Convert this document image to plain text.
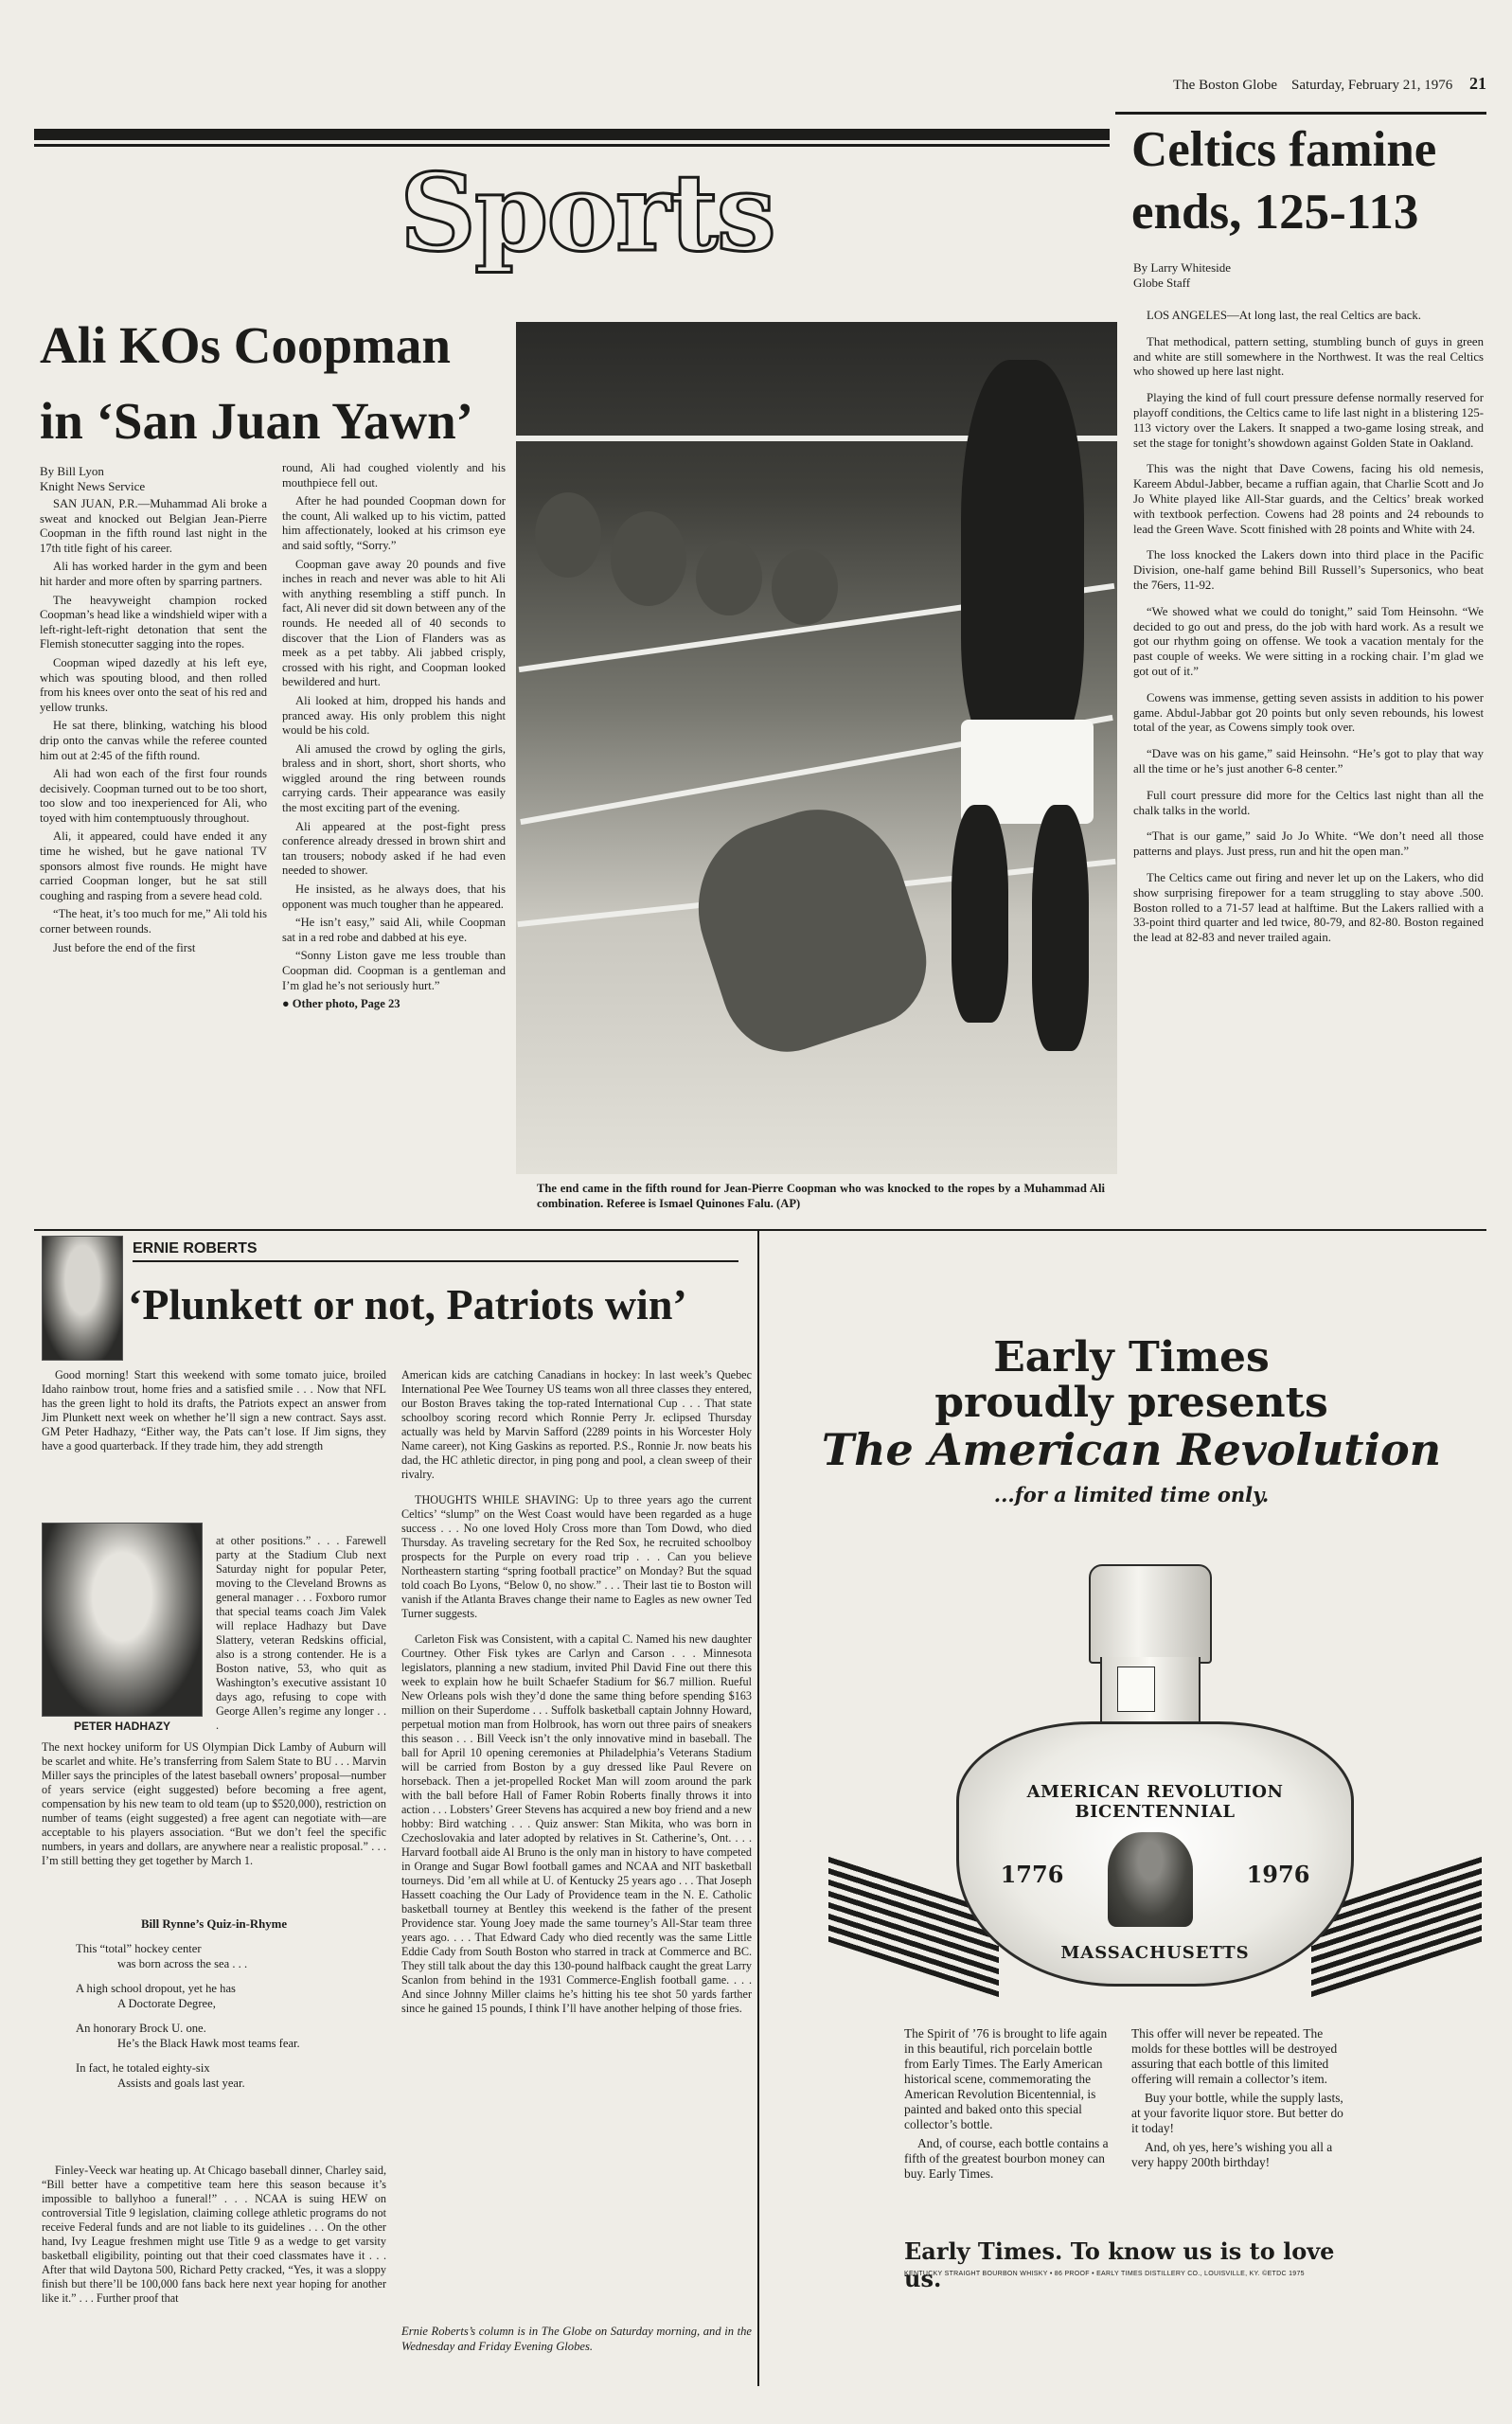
The Boston Globe Saturday, February 21, 1976 21
Sports
Ali KOs Coopman
in ‘San Juan Yawn’
By Bill Lyon
Knight News Service

SAN JUAN, P.R.—Muhammad Ali broke a sweat and knocked out Belgian Jean-Pierre Coopman in the fifth round last night in the 17th title fight of his career.

Ali has worked harder in the gym and been hit harder and more often by sparring partners.

The heavyweight champion rocked Coopman’s head like a windshield wiper with a left-right-left-right detonation that sent the Flemish stonecutter sagging into the ropes.

Coopman wiped dazedly at his left eye, which was spouting blood, and then rolled from his knees over onto the seat of his red and yellow trunks.

He sat there, blinking, watching his blood drip onto the canvas while the referee counted him out at 2:45 of the fifth round.

Ali had won each of the first four rounds decisively. Coopman turned out to be too short, too slow and too inexperienced for Ali, who toyed with him contemptuously throughout.

Ali, it appeared, could have ended it any time he wished, but he gave national TV sponsors almost five rounds. He might have carried Coopman longer, but he sat still coughing and rasping from a severe head cold.

“The heat, it’s too much for me,” Ali told his corner between rounds.

Just before the end of the first

round, Ali had coughed violently and his mouthpiece fell out.

After he had pounded Coopman down for the count, Ali walked up to his victim, patted him affectionately, looked at his crimson eye and said softly, “Sorry.”

Coopman gave away 20 pounds and five inches in reach and never was able to hit Ali with anything resembling a stiff punch. In fact, Ali never did sit down between any of the rounds. He needed all of 40 seconds to discover that the Lion of Flanders was as meek as a pet tabby. Ali jabbed crisply, crossed with his right, and Coopman looked bewildered and hurt.

Ali looked at him, dropped his hands and pranced away. His only problem this night would be his cold.

Ali amused the crowd by ogling the girls, braless and in short, short, short shorts, who wiggled around the ring between rounds carrying cards. Their appearance was easily the most exciting part of the evening.

Ali appeared at the post-fight press conference already dressed in brown shirt and tan trousers; nobody asked if he had even needed to shower.

He insisted, as he always does, that his opponent was much tougher than he appeared.

“He isn’t easy,” said Ali, while Coopman sat in a red robe and dabbed at his eye.

“Sonny Liston gave me less trouble than Coopman did. Coopman is a gentleman and I’m glad he’s not seriously hurt.”

● Other photo, Page 23

The end came in the fifth round for Jean-Pierre Coopman who was knocked to the ropes by a Muhammad Ali combination. Referee is Ismael Quinones Falu. (AP)
Celtics famine
ends, 125-113
By Larry Whiteside
Globe Staff

LOS ANGELES—At long last, the real Celtics are back.

That methodical, pattern setting, stumbling bunch of guys in green and white are still somewhere in the Northwest. It was the real Celtics who showed up here last night.

Playing the kind of full court pressure defense normally reserved for playoff conditions, the Celtics came to life last night in a blistering 125-113 victory over the Lakers. It snapped a two-game losing streak, and set the stage for tonight’s showdown against Golden State in Oakland.

This was the night that Dave Cowens, facing his old nemesis, Kareem Abdul-Jabber, became a ruffian again, that Charlie Scott and Jo Jo White played like All-Star guards, and the Celtics’ break worked with textbook perfection. Cowens had 28 points and 24 rebounds to lead the Green Wave. Scott finished with 28 points and White with 24.

The loss knocked the Lakers down into third place in the Pacific Division, one-half game behind Bill Russell’s Supersonics, who beat the 76ers, 11-92.

“We showed what we could do tonight,” said Tom Heinsohn. “We decided to go out and press, do the job with hard work. As a result we got our rhythm going on offense. We took a vacation mentaly for the past couple of weeks. We were sitting in a rocking chair. I’m glad we got out of it.”

Cowens was immense, getting seven assists in addition to his power game. Abdul-Jabbar got 20 points but only seven rebounds, his lowest total of the year, as Cowens simply took over.

“Dave was on his game,” said Heinsohn. “He’s got to play that way all the time or he’s just another 6-8 center.”

Full court pressure did more for the Celtics last night than all the chalk talks in the world.

“That is our game,” said Jo Jo White. “We don’t need all those patterns and plays. Just press, run and hit the open man.”

The Celtics came out firing and never let up on the Lakers, who did show surprising firepower for a team struggling to stay above .500. Boston rolled to a 71-57 lead at halftime. But the Lakers rallied with a 33-point third quarter and led twice, 80-79, and 82-80. Boston regained the lead at 82-83 and never trailed again.

ERNIE ROBERTS
‘Plunkett or not, Patriots win’

Good morning! Start this weekend with some tomato juice, broiled Idaho rainbow trout, home fries and a satisfied smile . . . Now that NFL has the green light to hold its drafts, the Patriots expect an answer from Jim Plunkett next week on whether he’ll sign a new contract. Says asst. GM Peter Hadhazy, “Either way, the Pats can’t lose. If Jim signs, they have a good quarterback. If they trade him, they add strength

PETER HADHAZY

at other positions.” . . . Farewell party at the Stadium Club next Saturday night for popular Peter, moving to the Cleveland Browns as general manager . . . Foxboro rumor that special teams coach Jim Valek will replace Hadhazy but Dave Slattery, veteran Redskins official, also is a strong contender. He is a Boston native, 53, who quit as Washington’s executive assistant 10 days ago, refusing to cope with George Allen’s regime any longer . . .

The next hockey uniform for US Olympian Dick Lamby of Auburn will be scarlet and white. He’s transferring from Salem State to BU . . . Marvin Miller says the principles of the latest baseball owners’ proposal—number of years service (eight suggested) before becoming a free agent, compensation by his new team to old team (up to $520,000), restriction on number of teams (eight suggested) a free agent can negotiate with—are acceptable to his players association. “But we don’t feel the specific numbers, in years and dollars, are anywhere near a realistic proposal.” . . . I’m still betting they get together by March 1.

Bill Rynne’s Quiz-in-Rhyme
This “total” hockey center
was born across the sea . . .
A high school dropout, yet he has
A Doctorate Degree,
An honorary Brock U. one.
He’s the Black Hawk most teams fear.
In fact, he totaled eighty-six
Assists and goals last year.

Finley-Veeck war heating up. At Chicago baseball dinner, Charley said, “Bill better have a competitive team here this season because it’s impossible to ballyhoo a funeral!” . . . NCAA is suing HEW on controversial Title 9 legislation, claiming college athletic programs do not receive Federal funds and are not liable to its guidelines . . . On the other hand, Ivy League freshmen might use Title 9 as a wedge to get varsity basketball eligibility, pointing out that their coed classmates have it . . . After that wild Daytona 500, Richard Petty cracked, “Yes, it was a sloppy finish but there’ll be 100,000 fans back here next year hoping for another like it.” . . . Further proof that

American kids are catching Canadians in hockey: In last week’s Quebec International Pee Wee Tourney US teams won all three classes they entered, our Boston Braves taking the top-rated International Cup . . . That state schoolboy scoring record which Ronnie Perry Jr. eclipsed Thursday actually was held by Marvin Safford (2289 points in his Worcester Holy Name career), not King Gaskins as reported. P.S., Ronnie Jr. now beats his dad, the HC athletic director, in ping pong and pool, a clean sweep of their rivalry.

THOUGHTS WHILE SHAVING: Up to three years ago the current Celtics’ “slump” on the West Coast would have been regarded as a huge success . . . No one loved Holy Cross more than Tom Dowd, who died Thursday. As traveling secretary for the Red Sox, he recruited schoolboy prospects for the Purple on every road trip . . . Can you believe Northeastern starting “spring football practice” on Monday? But the squad told coach Bo Lyons, “Below 0, no show.” . . . Their last tie to Boston will vanish if the Atlanta Braves change their name to Eagles as new owner Ted Turner suggests.

Carleton Fisk was Consistent, with a capital C. Named his new daughter Courtney. Other Fisk tykes are Carlyn and Carson . . . Minnesota legislators, planning a new stadium, invited Phil David Fine out there this week to explain how he built Schaefer Stadium for $6.7 million. Rueful New Orleans pols wish they’d done the same thing before spending $163 million on their Superdome . . . Suffolk basketball captain Johnny Howard, perpetual motion man from Holbrook, has worn out three pairs of sneakers this season . . . Bill Veeck isn’t the only innovative mind in baseball. The ball for April 10 opening ceremonies at Philadelphia’s Veterans Stadium will be carried from Boston by a guy dressed like Paul Revere on horseback. Then a jet-propelled Rocket Man will zoom around the park with the ball before Hall of Famer Robin Roberts finally throws it into action . . . Lobsters’ Greer Stevens has acquired a new boy friend and a new hobby: Bird watching . . . Quiz answer: Stan Mikita, who was born in Czechoslovakia and later adopted by relatives in St. Catherine’s, Ont. . . . Harvard football aide Al Bruno is the only man in history to have competed in Orange and Sugar Bowl football games and NCAA and NIT basketball tourneys. Did ’em all while at U. of Kentucky 25 years ago . . . That Joseph Hassett coaching the Our Lady of Providence team in the N. E. Catholic basketball tourney at Bentley this weekend is the father of the present Providence star. Young Joey made the same tourney’s All-Star team three years ago. . . . That Edward Cady who died recently was the same Little Eddie Cady from South Boston who starred in track at Commerce and BC. They still talk about the day this 130-pound halfback caught the great Larry Scanlon from behind in the 1931 Commerce-English football game. . . . And since Johnny Miller claims he’s hitting his tee shot 50 yards farther since he gained 15 pounds, I think I’ll have another helping of those fries.

Ernie Roberts’s column is in The Globe on Saturday morning, and in the Wednesday and Friday Evening Globes.
Early Times
proudly presents
The American Revolution
...for a limited time only.
AMERICAN REVOLUTION BICENTENNIAL
1776	1976
MASSACHUSETTS

The Spirit of ’76 is brought to life again in this beautiful, rich porcelain bottle from Early Times. The Early American historical scene, commemorating the American Revolution Bicentennial, is painted and baked onto this special collector’s bottle.

And, of course, each bottle contains a fifth of the greatest bourbon money can buy. Early Times.

This offer will never be repeated. The molds for these bottles will be destroyed assuring that each bottle of this limited offering will remain a collector’s item.

Buy your bottle, while the supply lasts, at your favorite liquor store. But better do it today!

And, oh yes, here’s wishing you all a very happy 200th birthday!

Early Times. To know us is to love us.
KENTUCKY STRAIGHT BOURBON WHISKY • 86 PROOF • EARLY TIMES DISTILLERY CO., LOUISVILLE, KY. ©ETDC 1975
